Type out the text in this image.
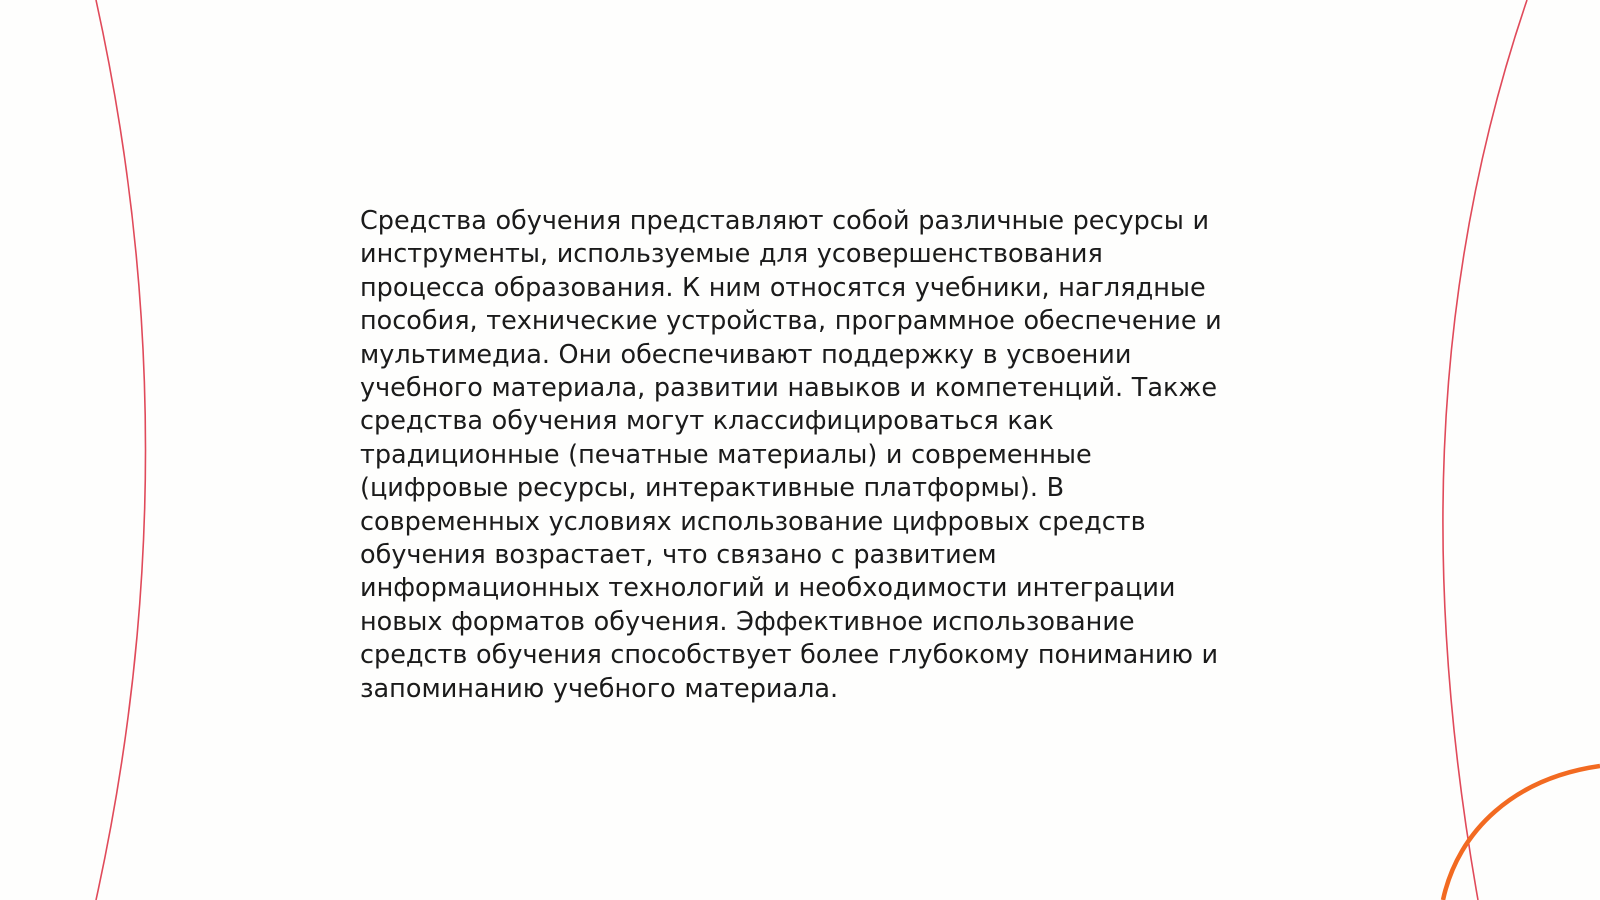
Средства обучения представляют собой различные ресурсы и
инструменты, используемые для усовершенствования
процесса образования. К ним относятся учебники, наглядные
пособия, технические устройства, программное обеспечение и
мультимедиа. Они обеспечивают поддержку в усвоении
учебного материала, развитии навыков и компетенций. Также
средства обучения могут классифицироваться как
традиционные (печатные материалы) и современные
(цифровые ресурсы, интерактивные платформы). В
современных условиях использование цифровых средств
обучения возрастает, что связано с развитием
информационных технологий и необходимости интеграции
новых форматов обучения. Эффективное использование
средств обучения способствует более глубокому пониманию и
запоминанию учебного материала.
